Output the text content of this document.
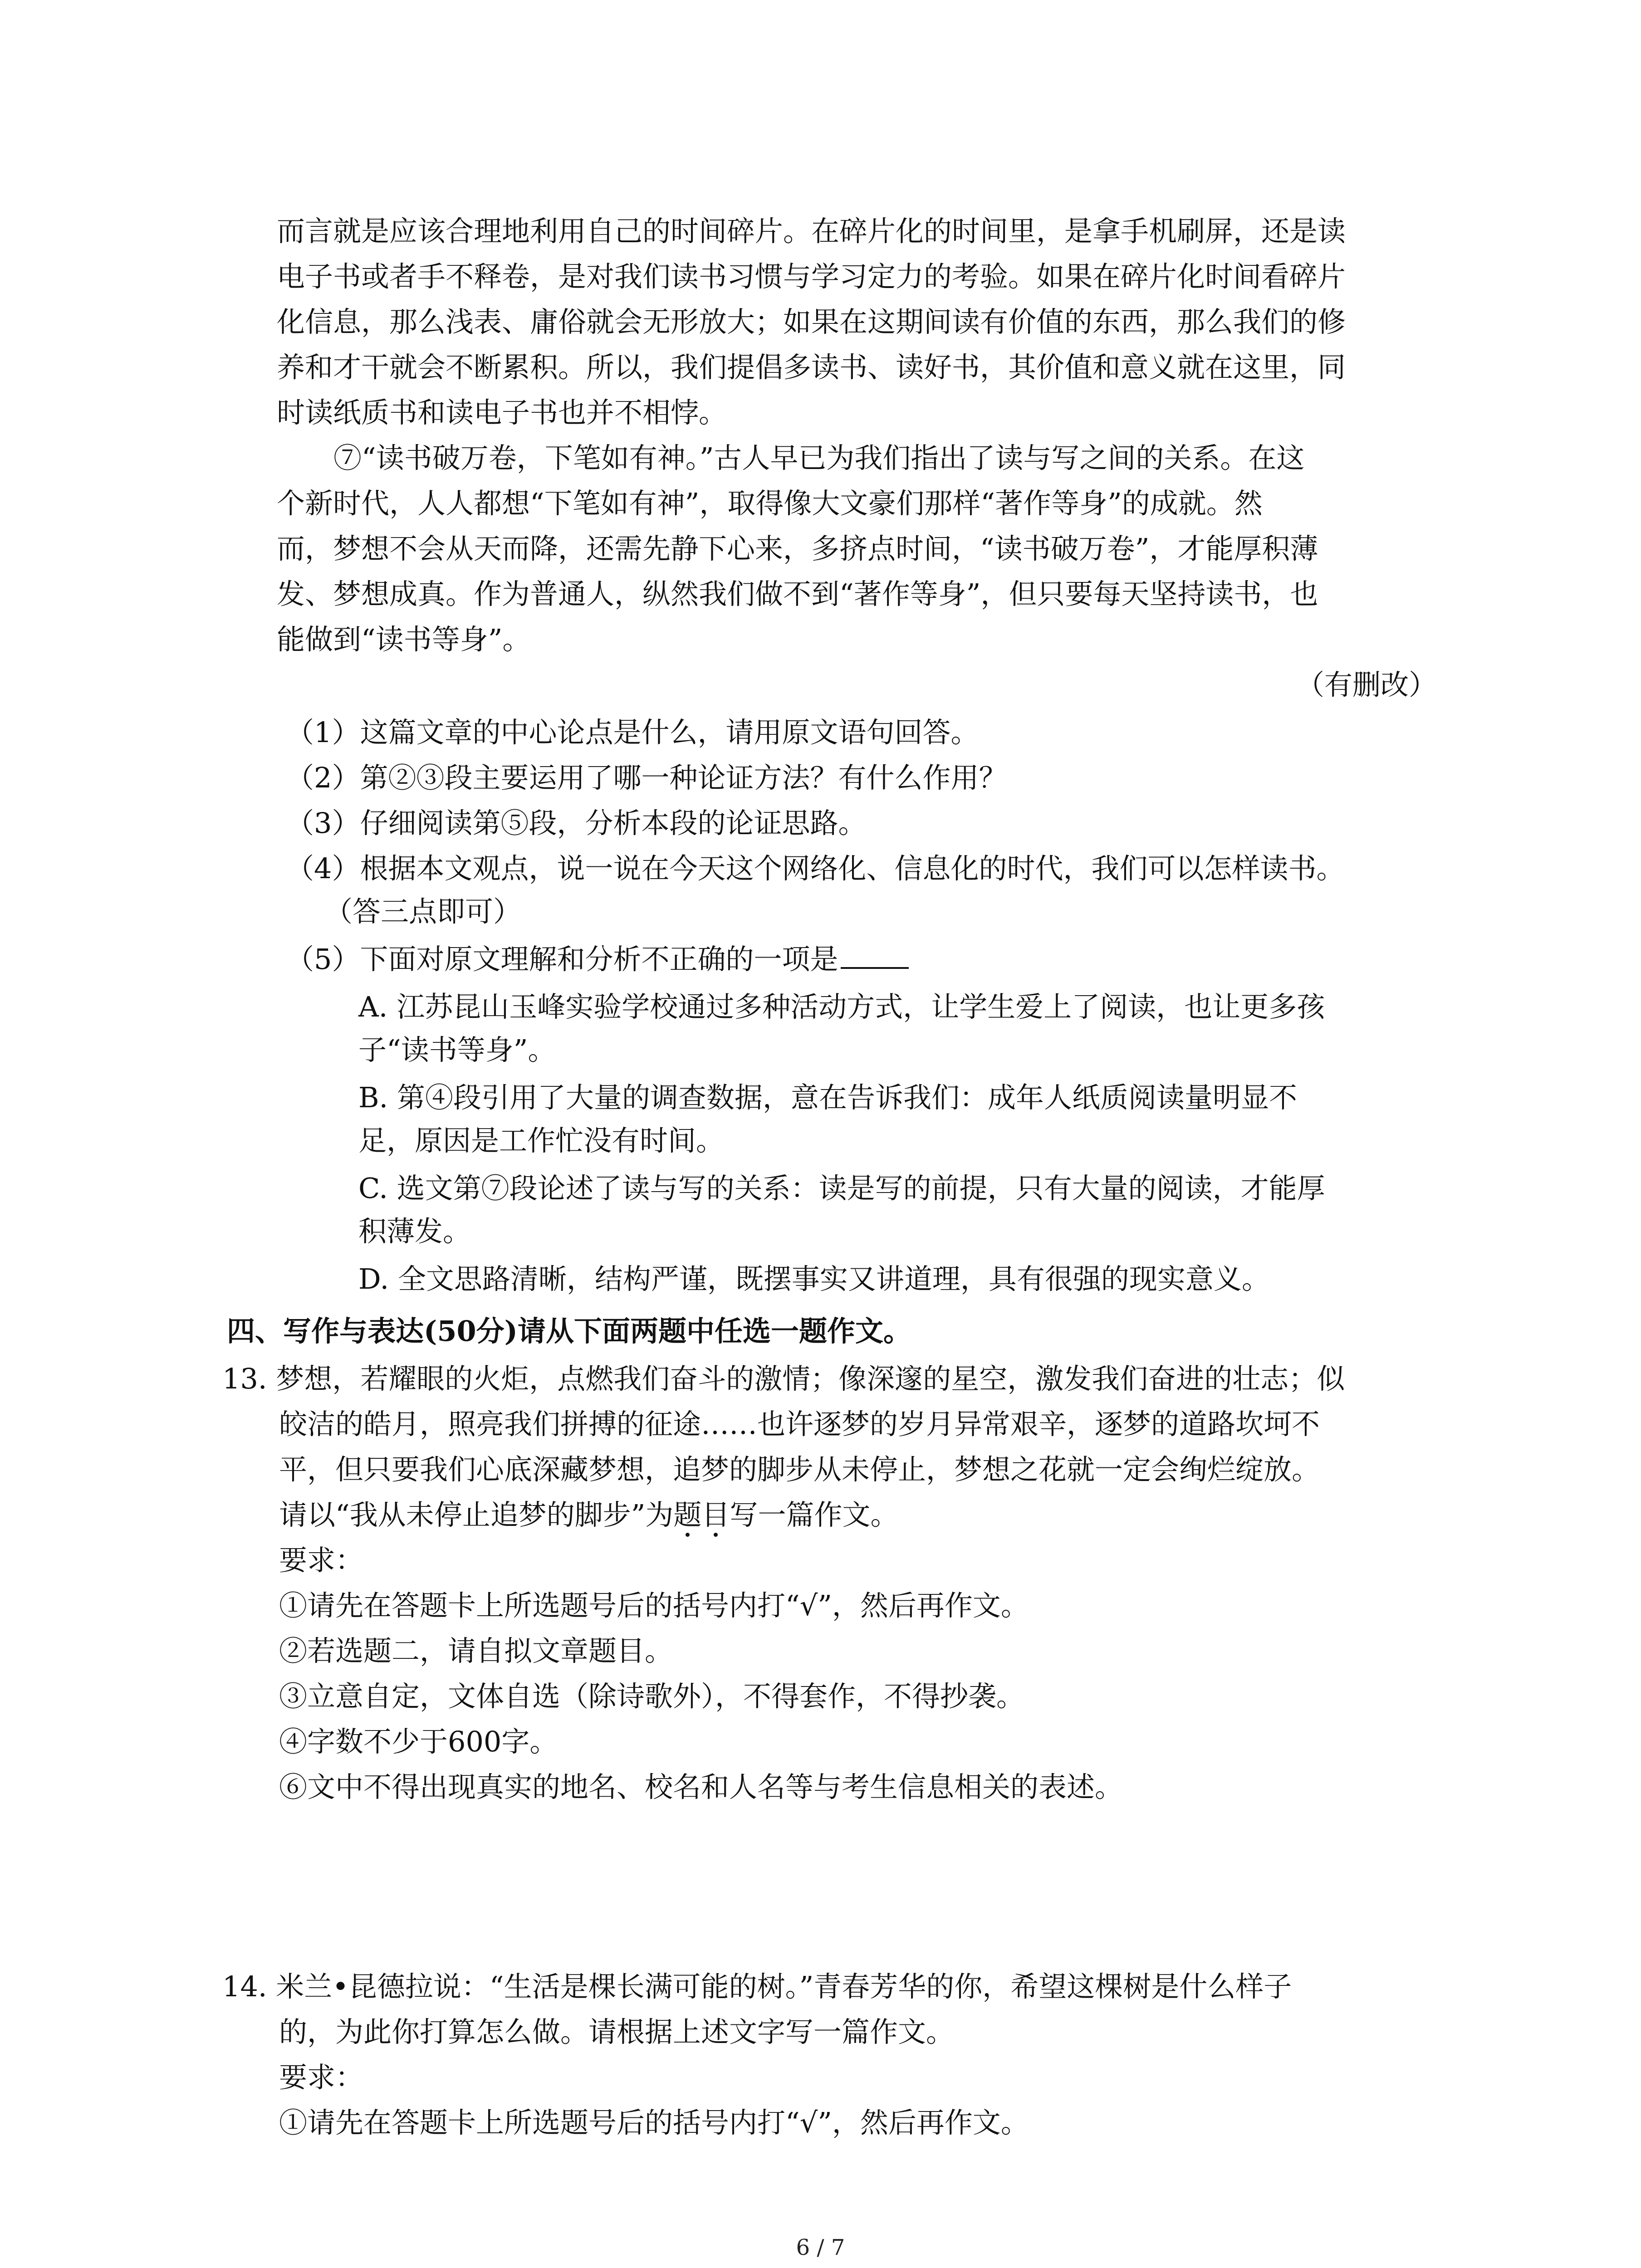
而言就是应该合理地利用自己的时间碎片。在碎片化的时间里，是拿手机刷屏，还是读
电子书或者手不释卷，是对我们读书习惯与学习定力的考验。如果在碎片化时间看碎片
化信息，那么浅表、庸俗就会无形放大；如果在这期间读有价值的东西，那么我们的修
养和才干就会不断累积。所以，我们提倡多读书、读好书，其价值和意义就在这里，同
时读纸质书和读电子书也并不相悖。
⑦“读书破万卷，下笔如有神。”古人早已为我们指出了读与写之间的关系。在这
个新时代，人人都想“下笔如有神”，取得像大文豪们那样“著作等身”的成就。然
而，梦想不会从天而降，还需先静下心来，多挤点时间，“读书破万卷”，才能厚积薄
发、梦想成真。作为普通人，纵然我们做不到“著作等身”，但只要每天坚持读书，也
能做到“读书等身”。
（有删改）
（1）这篇文章的中心论点是什么，请用原文语句回答。
（2）第②③段主要运用了哪一种论证方法？有什么作用？
（3）仔细阅读第⑤段，分析本段的论证思路。
（4）根据本文观点，说一说在今天这个网络化、信息化的时代，我们可以怎样读书。
（答三点即可）
（5）下面对原文理解和分析不正确的一项是
A. 江苏昆山玉峰实验学校通过多种活动方式，让学生爱上了阅读，也让更多孩
子“读书等身”。
B. 第④段引用了大量的调查数据，意在告诉我们：成年人纸质阅读量明显不
足，原因是工作忙没有时间。
C. 选文第⑦段论述了读与写的关系：读是写的前提，只有大量的阅读，才能厚
积薄发。
D. 全文思路清晰，结构严谨，既摆事实又讲道理，具有很强的现实意义。
四、写作与表达(50分)请从下面两题中任选一题作文。
13. 梦想，若耀眼的火炬，点燃我们奋斗的激情；像深邃的星空，激发我们奋进的壮志；似
皎洁的皓月，照亮我们拼搏的征途……也许逐梦的岁月异常艰辛，逐梦的道路坎坷不
平，但只要我们心底深藏梦想，追梦的脚步从未停止，梦想之花就一定会绚烂绽放。
请以“我从未停止追梦的脚步”为题目写一篇作文。
要求：
①请先在答题卡上所选题号后的括号内打“√”，然后再作文。
②若选题二，请自拟文章题目。
③立意自定，文体自选（除诗歌外），不得套作，不得抄袭。
④字数不少于600字。
⑥文中不得出现真实的地名、校名和人名等与考生信息相关的表述。
14. 米兰•昆德拉说：“生活是棵长满可能的树。”青春芳华的你，希望这棵树是什么样子
的，为此你打算怎么做。请根据上述文字写一篇作文。
要求：
①请先在答题卡上所选题号后的括号内打“√”，然后再作文。
6 / 7
